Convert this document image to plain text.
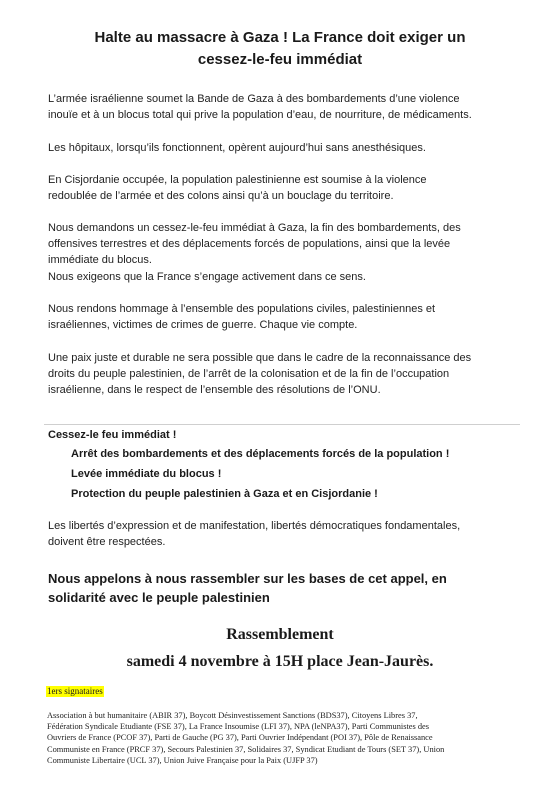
Halte au massacre à Gaza ! La France doit exiger un
cessez-le-feu immédiat
L’armée israélienne soumet la Bande de Gaza à des bombardements d’une violence
inouïe et à un blocus total qui prive la population d’eau, de nourriture, de médicaments.
Les hôpitaux, lorsqu’ils fonctionnent, opèrent aujourd’hui sans anesthésiques.
En Cisjordanie occupée, la population palestinienne est soumise à la violence
redoublée de l’armée et des colons ainsi qu’à un bouclage du territoire.
Nous demandons un cessez-le-feu immédiat à Gaza, la fin des bombardements, des
offensives terrestres et des déplacements forcés de populations, ainsi que la levée
immédiate du blocus.
Nous exigeons que la France s’engage activement dans ce sens.
Nous rendons hommage à l’ensemble des populations civiles, palestiniennes et
israéliennes, victimes de crimes de guerre. Chaque vie compte.
Une paix juste et durable ne sera possible que dans le cadre de la reconnaissance des
droits du peuple palestinien, de l’arrêt de la colonisation et de la fin de l’occupation
israélienne, dans le respect de l’ensemble des résolutions de l’ONU.
Cessez-le feu immédiat !
Arrêt des bombardements et des déplacements forcés de la population !
Levée immédiate du blocus !
Protection du peuple palestinien à Gaza et en Cisjordanie !
Les libertés d’expression et de manifestation, libertés démocratiques fondamentales,
doivent être respectées.
Nous appelons à nous rassembler sur les bases de cet appel, en
solidarité avec le peuple palestinien
Rassemblement
samedi 4 novembre à 15H place Jean-Jaurès.
1ers signataires
Association à but humanitaire (ABIR 37), Boycott Désinvestissement Sanctions (BDS37), Citoyens Libres 37,
Fédération Syndicale Etudiante (FSE 37), La France Insoumise (LFI 37), NPA (leNPA37), Parti Communistes des
Ouvriers de France (PCOF 37), Parti de Gauche (PG 37), Parti Ouvrier Indépendant (POI 37), Pôle de Renaissance
Communiste en France (PRCF 37), Secours Palestinien 37, Solidaires 37, Syndicat Etudiant de Tours (SET 37), Union
Communiste Libertaire (UCL 37), Union Juive Française pour la Paix (UJFP 37)
